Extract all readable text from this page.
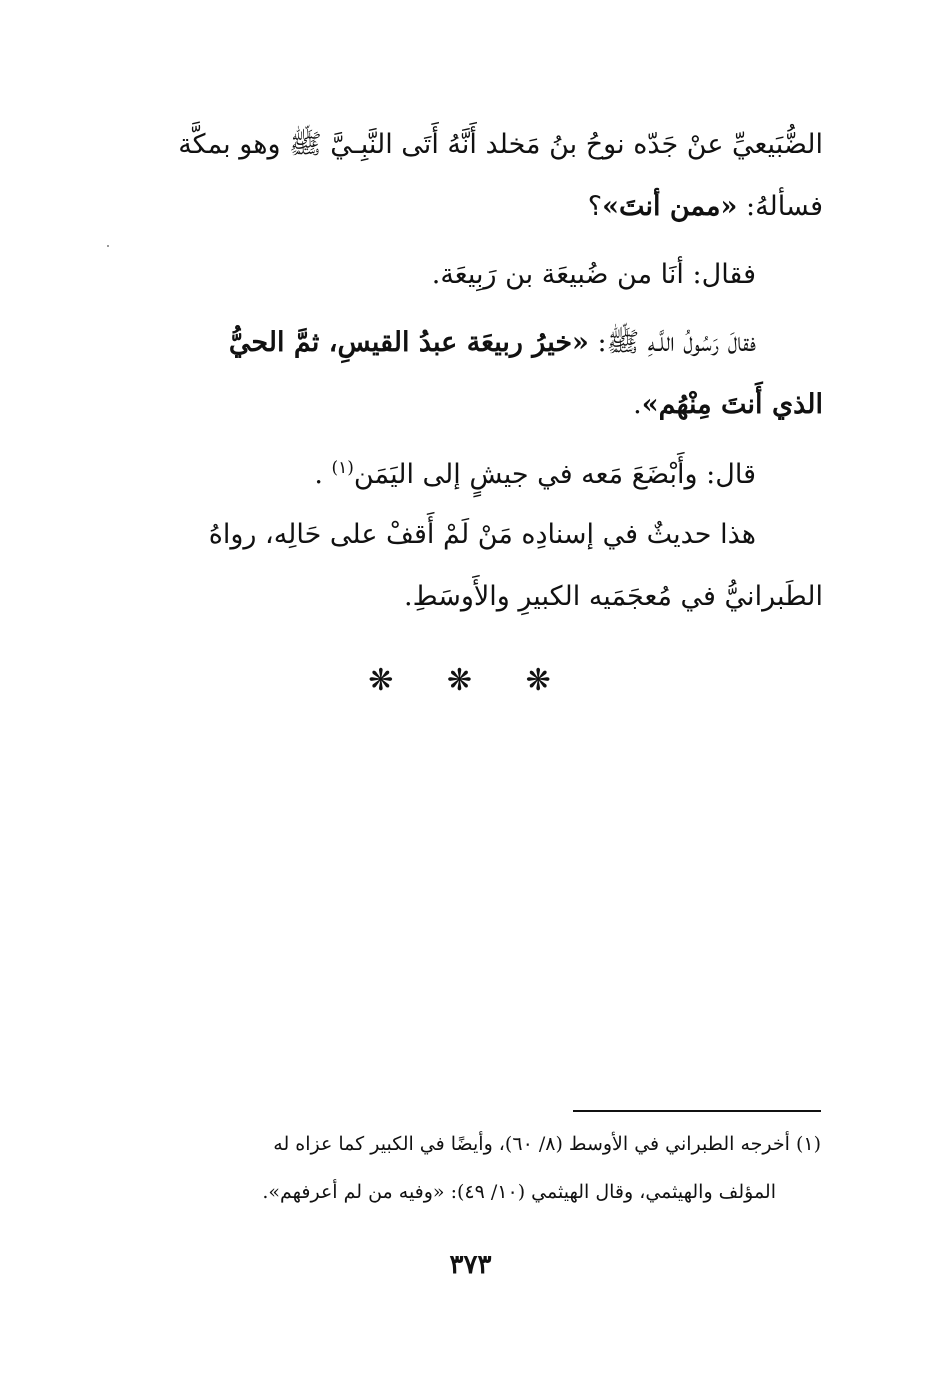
الضُّبَيعيِّ عنْ جَدّه نوحُ بنُ مَخلد أَنَّهُ أَتَى النَّبِـيَّ ﷺ وهو بمكَّة
فسألهُ: «ممن أنتَ»؟
فقال: أنَا من ضُبيعَة بن رَبِيعَة.
فقالَ رَسُولُ اللَّـهِ ﷺ: «خيرُ ربيعَة عبدُ القيسِ، ثمَّ الحيُّ
الذي أَنتَ مِنْهُم».
قال: وأَبْضَعَ مَعه في جيشٍ إلى اليَمَن$^{(١)}$ .
هذا حديثٌ في إسنادِه مَنْ لَمْ أَقفْ على حَالِه، رواهُ
الطَبرانيُّ في مُعجَمَيه الكبيرِ والأَوسَطِ.
❋ ❋ ❋
(١) أخرجه الطبراني في الأوسط (٨/ ٦٠)، وأيضًا في الكبير كما عزاه له
المؤلف والهيثمي، وقال الهيثمي (١٠/ ٤٩): «وفيه من لم أعرفهم».
٣٧٣
